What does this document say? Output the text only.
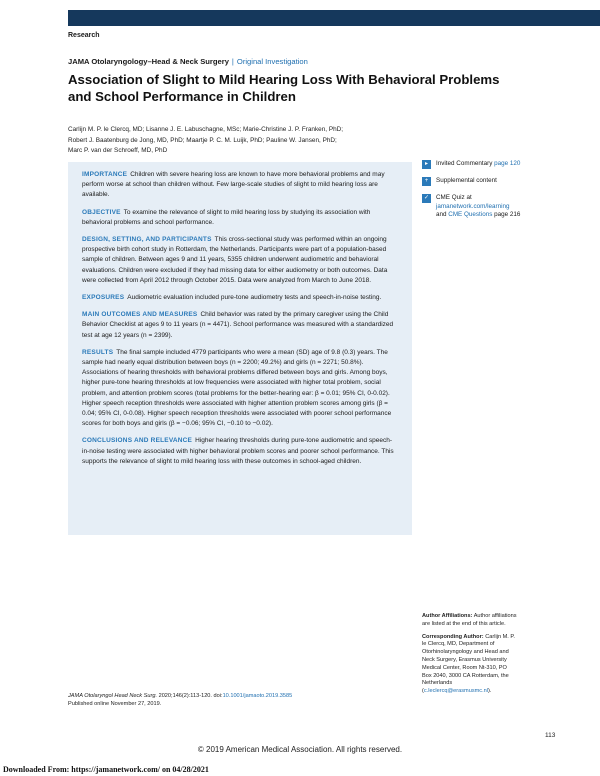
Research
JAMA Otolaryngology–Head & Neck Surgery | Original Investigation
Association of Slight to Mild Hearing Loss With Behavioral Problems and School Performance in Children
Carlijn M. P. le Clercq, MD; Lisanne J. E. Labuschagne, MSc; Marie-Christine J. P. Franken, PhD;
Robert J. Baatenburg de Jong, MD, PhD; Maartje P. C. M. Luijk, PhD; Pauline W. Jansen, PhD;
Marc P. van der Schroeff, MD, PhD

IMPORTANCE Children with severe hearing loss are known to have more behavioral problems and may perform worse at school than children without. Few large-scale studies of slight to mild hearing loss are available.

OBJECTIVE To examine the relevance of slight to mild hearing loss by studying its association with behavioral problems and school performance.

DESIGN, SETTING, AND PARTICIPANTS This cross-sectional study was performed within an ongoing prospective birth cohort study in Rotterdam, the Netherlands. Participants were part of a population-based sample of children. Between ages 9 and 11 years, 5355 children underwent audiometric and behavioral evaluations. Children were excluded if they had missing data for either audiometry or both outcomes. Data were collected from April 2012 through October 2015. Data were analyzed from March to June 2018.

EXPOSURES Audiometric evaluation included pure-tone audiometry tests and speech-in-noise testing.

MAIN OUTCOMES AND MEASURES Child behavior was rated by the primary caregiver using the Child Behavior Checklist at ages 9 to 11 years (n = 4471). School performance was measured with a standardized test at age 12 years (n = 2399).

RESULTS The final sample included 4779 participants who were a mean (SD) age of 9.8 (0.3) years. The sample had nearly equal distribution between boys (n = 2200; 49.2%) and girls (n = 2271; 50.8%). Associations of hearing thresholds with behavioral problems differed between boys and girls. Among boys, higher pure-tone hearing thresholds at low frequencies were associated with higher total problem, social problem, and attention problem scores (total problems for the better-hearing ear: β = 0.01; 95% CI, 0-0.02). Higher speech reception thresholds were associated with higher attention problem scores among girls (β = 0.04; 95% CI, 0-0.08). Higher speech reception thresholds were associated with poorer school performance scores for both boys and girls (β = −0.06; 95% CI, −0.10 to −0.02).

CONCLUSIONS AND RELEVANCE Higher hearing thresholds during pure-tone audiometric and speech-in-noise testing were associated with higher behavioral problem scores and poorer school performance. This supports the relevance of slight to mild hearing loss with these outcomes in school-aged children.

▸	Invited Commentary page 120
+	Supplemental content
✓	CME Quiz at
jamanetwork.com/learning
and CME Questions page 216

Author Affiliations: Author affiliations are listed at the end of this article.

Corresponding Author: Carlijn M. P. le Clercq, MD, Department of Otorhinolaryngology and Head and Neck Surgery, Erasmus University Medical Center, Room Nt-310, PO Box 2040, 3000 CA Rotterdam, the Netherlands (c.leclercq@erasmusmc.nl).

JAMA Otolaryngol Head Neck Surg. 2020;146(2):113-120. doi:10.1001/jamaoto.2019.3585
Published online November 27, 2019.
113
© 2019 American Medical Association. All rights reserved.
Downloaded From: https://jamanetwork.com/ on 04/28/2021
